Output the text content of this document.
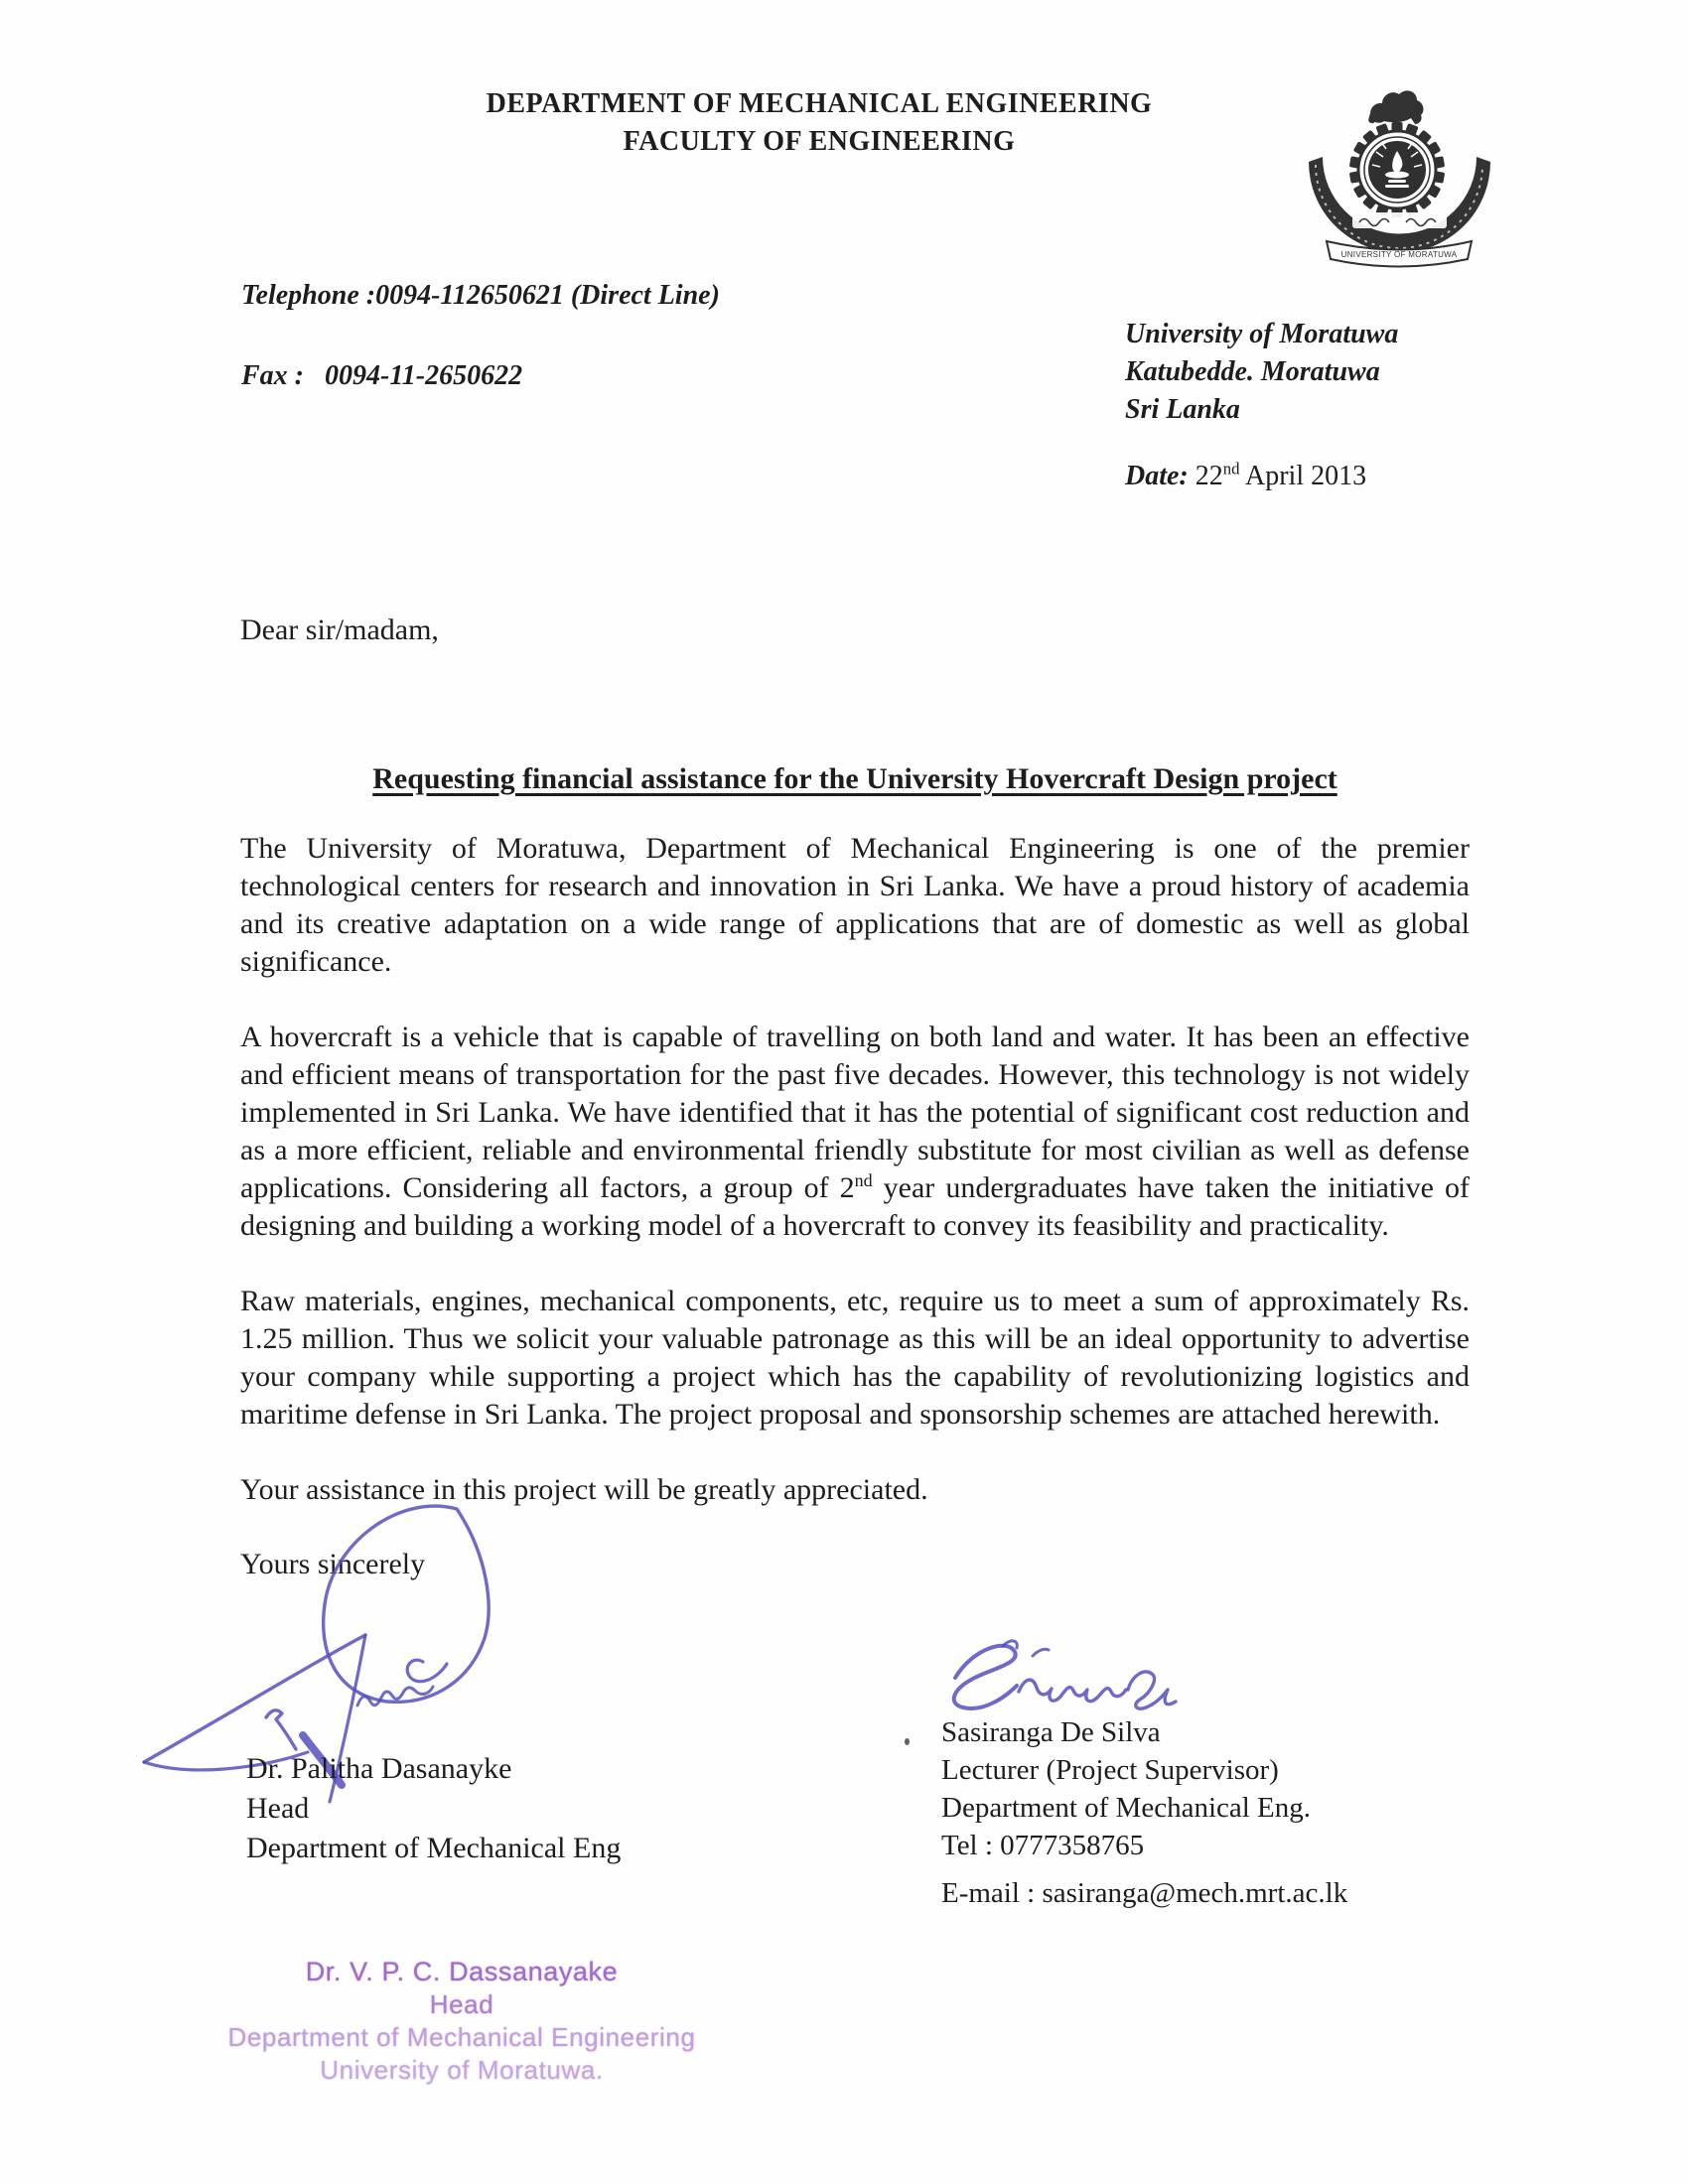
DEPARTMENT OF MECHANICAL ENGINEERING
FACULTY OF ENGINEERING
UNIVERSITY OF MORATUWA
Telephone :0094-112650621 (Direct Line)
Fax :   0094-11-2650622
University of Moratuwa
Katubedde. Moratuwa
Sri Lanka
Date: 22nd April 2013

Dear sir/madam,

Requesting financial assistance for the University Hovercraft Design project

The University of Moratuwa, Department of Mechanical Engineering is one of the premier technological centers for research and innovation in Sri Lanka. We have a proud history of academia and its creative adaptation on a wide range of applications that are of domestic as well as global significance.

A hovercraft is a vehicle that is capable of travelling on both land and water. It has been an effective and efficient means of transportation for the past five decades. However, this technology is not widely implemented in Sri Lanka. We have identified that it has the potential of significant cost reduction and as a more efficient, reliable and environmental friendly substitute for most civilian as well as defense applications. Considering all factors, a group of 2nd year undergraduates have taken the initiative of designing and building a working model of a hovercraft to convey its feasibility and practicality.

Raw materials, engines, mechanical components, etc, require us to meet a sum of approximately Rs. 1.25 million. Thus we solicit your valuable patronage as this will be an ideal opportunity to advertise your company while supporting a project which has the capability of revolutionizing logistics and maritime defense in Sri Lanka. The project proposal and sponsorship schemes are attached herewith.

Your assistance in this project will be greatly appreciated.

Yours sincerely

Dr. Palitha Dasanayke
Head
Department of Mechanical Eng
Sasiranga De Silva
Lecturer (Project Supervisor)
Department of Mechanical Eng.
Tel : 0777358765
E-mail : sasiranga@mech.mrt.ac.lk
Dr. V. P. C. Dassanayake
Head
Department of Mechanical Engineering
University of Moratuwa.
